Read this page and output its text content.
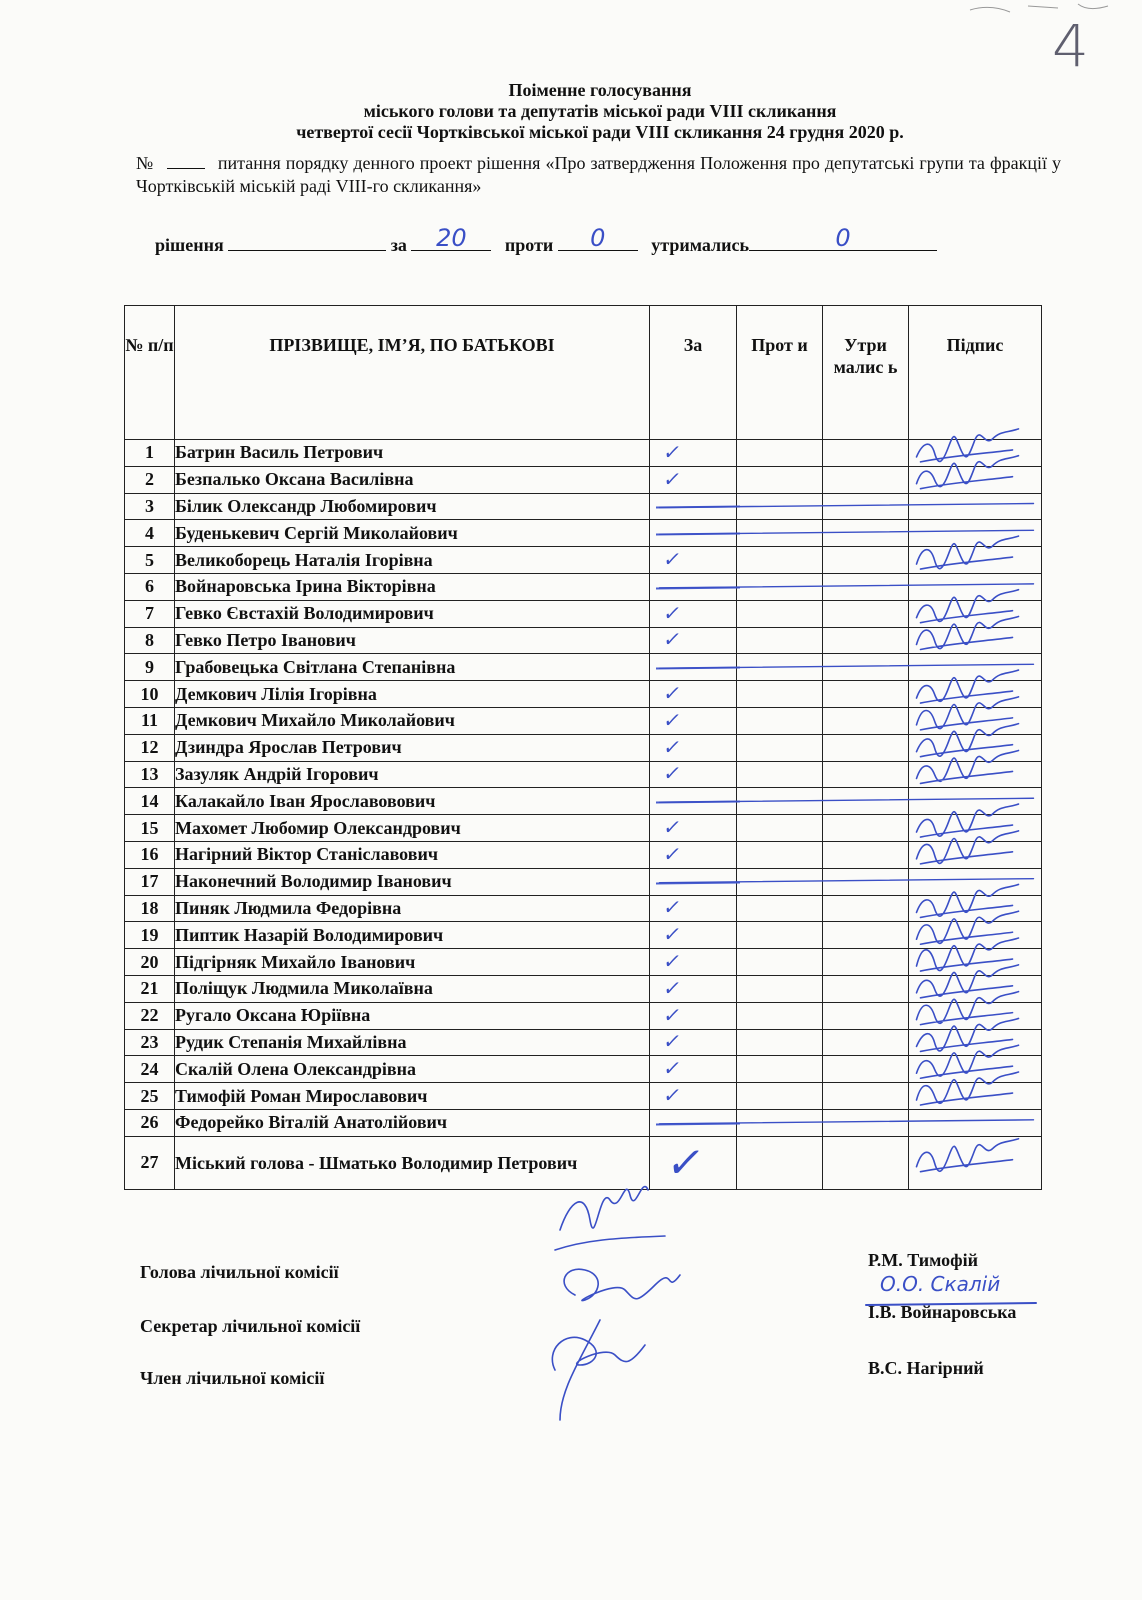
4
Поіменне голосування
міського голови та депутатів міської ради VIII скликання
четвертої сесії Чортківської міської ради VIII скликання 24 грудня 2020 р.
№	питання порядку денного проект рішення «Про затвердження Положення про депутатські групи та фракції у Чортківській міській раді VIII-го скликання»
рішення	за	20	проти	0	утримались	0
№ п/п	ПРІЗВИЩЕ, ІМ’Я, ПО БАТЬКОВІ	За	Прот и	Утри малис ь	Підпис
1	Батрин Василь Петрович	✓			
2	Безпалько Оксана Василівна	✓			
3	Білик Олександр Любомирович	

4	Буденькевич Сергій Миколайович	

5	Великоборець Наталія Ігорівна	✓			
6	Войнаровська Ірина Вікторівна	

7	Гевко Євстахій Володимирович	✓			
8	Гевко Петро Іванович	✓			
9	Грабовецька Світлана Степанівна	

10	Демкович Лілія Ігорівна	✓			
11	Демкович Михайло Миколайович	✓			
12	Дзиндра Ярослав Петрович	✓			
13	Зазуляк Андрій Ігорович	✓			
14	Калакайло Іван Ярославовович	

15	Махомет Любомир Олександрович	✓			
16	Нагірний Віктор Станіславович	✓			
17	Наконечний Володимир Іванович	

18	Пиняк Людмила Федорівна	✓			
19	Пиптик Назарій Володимирович	✓			
20	Підгірняк Михайло Іванович	✓			
21	Поліщук Людмила Миколаївна	✓			
22	Ругало Оксана Юріївна	✓			
23	Рудик Степанія Михайлівна	✓			
24	Скалій Олена Олександрівна	✓			
25	Тимофій Роман Мирославович	✓			
26	Федорейко Віталій Анатолійович	

27	Міський голова - Шматько Володимир Петрович	✓			
Голова лічильної комісії
Секретар лічильної комісії
Член лічильної комісії
Р.М. Тимофій
О.О. Скалій
І.В. Войнаровська
В.С. Нагірний
